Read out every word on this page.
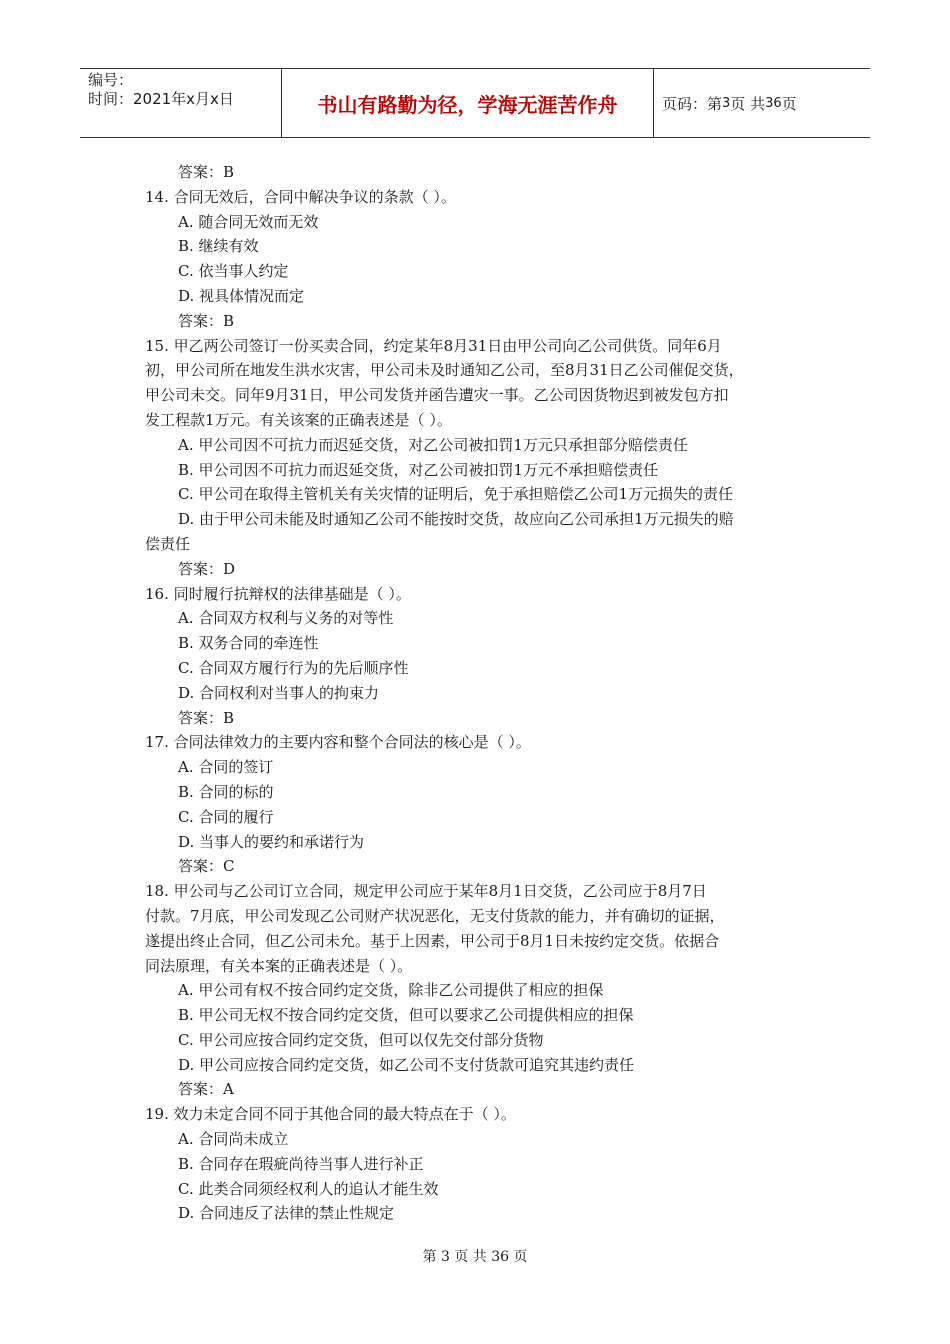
编号：
时间：2021年x月x日	书山有路勤为径，学海无涯苦作舟	页码：第 3 页 共 36 页
答案：B
14. 合同无效后，合同中解决争议的条款（ ）。
A. 随合同无效而无效
B. 继续有效
C. 依当事人约定
D. 视具体情况而定
答案：B
15. 甲乙两公司签订一份买卖合同，约定某年8月31日由甲公司向乙公司供货。同年6月
初，甲公司所在地发生洪水灾害，甲公司未及时通知乙公司，至8月31日乙公司催促交货，
甲公司未交。同年9月31日，甲公司发货并函告遭灾一事。乙公司因货物迟到被发包方扣
发工程款1万元。有关该案的正确表述是（ ）。
A. 甲公司因不可抗力而迟延交货，对乙公司被扣罚1万元只承担部分赔偿责任
B. 甲公司因不可抗力而迟延交货，对乙公司被扣罚1万元不承担赔偿责任
C. 甲公司在取得主管机关有关灾情的证明后，免于承担赔偿乙公司1万元损失的责任
D. 由于甲公司未能及时通知乙公司不能按时交货，故应向乙公司承担1万元损失的赔
偿责任
答案：D
16. 同时履行抗辩权的法律基础是（ ）。
A. 合同双方权利与义务的对等性
B. 双务合同的牵连性
C. 合同双方履行行为的先后顺序性
D. 合同权利对当事人的拘束力
答案：B
17. 合同法律效力的主要内容和整个合同法的核心是（ ）。
A. 合同的签订
B. 合同的标的
C. 合同的履行
D. 当事人的要约和承诺行为
答案：C
18. 甲公司与乙公司订立合同，规定甲公司应于某年8月1日交货，乙公司应于8月7日
付款。7月底，甲公司发现乙公司财产状况恶化，无支付货款的能力，并有确切的证据，
遂提出终止合同，但乙公司未允。基于上因素，甲公司于8月1日未按约定交货。依据合
同法原理，有关本案的正确表述是（ ）。
A. 甲公司有权不按合同约定交货，除非乙公司提供了相应的担保
B. 甲公司无权不按合同约定交货，但可以要求乙公司提供相应的担保
C. 甲公司应按合同约定交货，但可以仅先交付部分货物
D. 甲公司应按合同约定交货，如乙公司不支付货款可追究其违约责任
答案：A
19. 效力未定合同不同于其他合同的最大特点在于（ ）。
A. 合同尚未成立
B. 合同存在瑕疵尚待当事人进行补正
C. 此类合同须经权利人的追认才能生效
D. 合同违反了法律的禁止性规定
第 3 页 共 36 页
